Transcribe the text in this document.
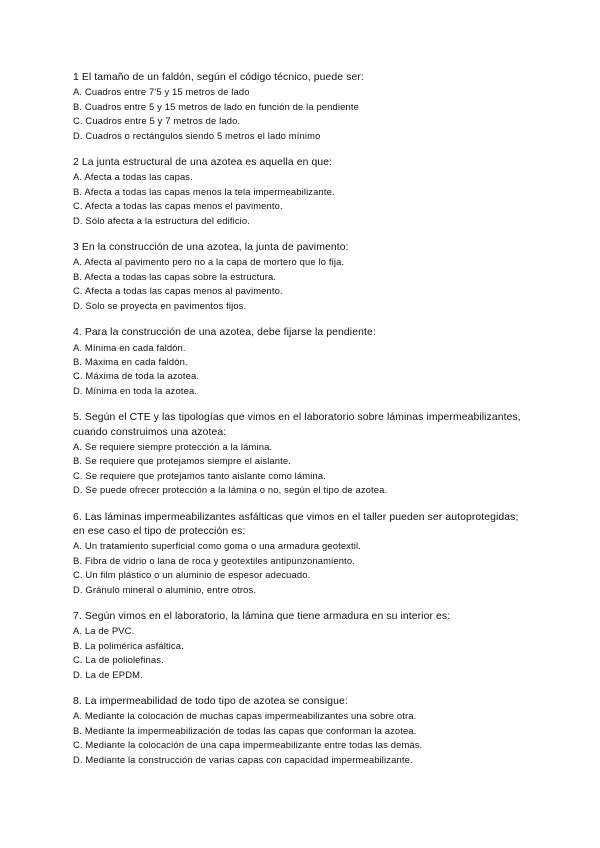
1 El tamaño de un faldón, según el código técnico, puede ser:

A. Cuadros entre 7'5 y 15 metros de lado
B. Cuadros entre 5 y 15 metros de lado en función de la pendiente
C. Cuadros entre 5 y 7 metros de lado.
D. Cuadros o rectángulos siendo 5 metros el lado mínimo

2 La junta estructural de una azotea es aquella en que:

A. Afecta a todas las capas.
B. Afecta a todas las capas menos la tela impermeabilizante.
C. Afecta a todas las capas menos el pavimento.
D. Sólo afecta a la estructura del edificio.

3 En la construcción de una azotea, la junta de pavimento:

A. Afecta al pavimento pero no a la capa de mortero que lo fija.
B. Afecta a todas las capas sobre la estructura.
C. Afecta a todas las capas menos al pavimento.
D. Solo se proyecta en pavimentos fijos.

4. Para la construcción de una azotea, debe fijarse la pendiente:

A. Mínima en cada faldón.
B. Máxima en cada faldón.
C. Máxima de toda la azotea.
D. Mínima en toda la azotea.

5. Según el CTE y las tipologías que vimos en el laboratorio sobre láminas impermeabilizantes, cuando construimos una azotea:

A. Se requiere siempre protección a la lámina.
B. Se requiere que protejamos siempre el aislante.
C. Se requiere que protejamos tanto aislante como lámina.
D. Se puede ofrecer protección a la lámina o no, según el tipo de azotea.

6. Las láminas impermeabilizantes asfálticas que vimos en el taller pueden ser autoprotegidas; en ese caso el tipo de protección es:

A. Un tratamiento superficial como goma o una armadura geotextil.
B. Fibra de vidrio o lana de roca y geotextiles antipunzonamiento.
C. Un film plástico o un aluminio de espesor adecuado.
D. Gránulo mineral o aluminio, entre otros.

7. Según vimos en el laboratorio, la lámina que tiene armadura en su interior es:

A. La de PVC.
B. La polimérica asfáltica.
C. La de poliolefinas.
D. La de EPDM.

8. La impermeabilidad de todo tipo de azotea se consigue:

A. Mediante la colocación de muchas capas impermeabilizantes una sobre otra.
B. Mediante la impermeabilización de todas las capas que conforman la azotea.
C. Mediante la colocación de una capa impermeabilizante entre todas las demás.
D. Mediante la construcción de varias capas con capacidad impermeabilizante.
